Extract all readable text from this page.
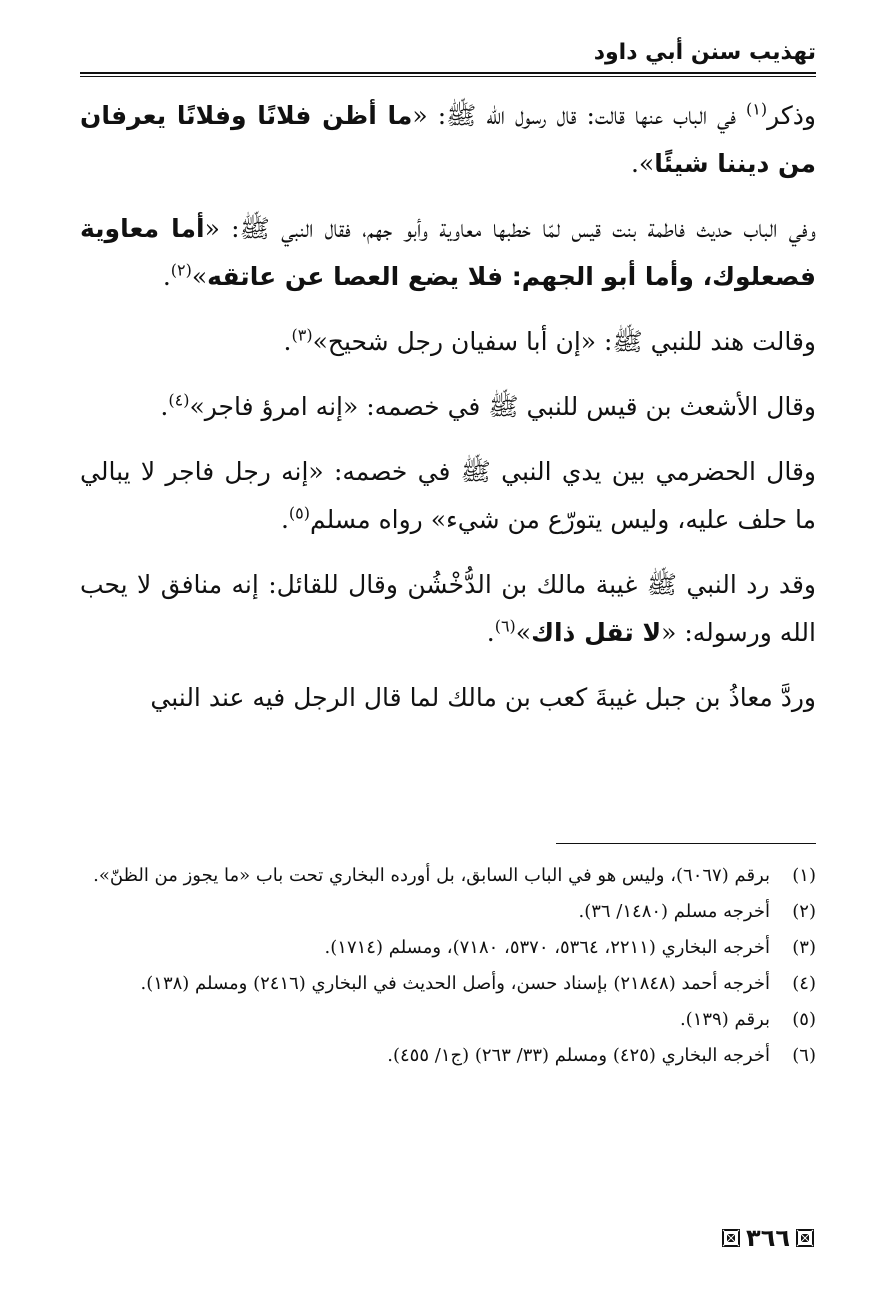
تهذيب سنن أبي داود

وذكر$^{(١)}$ في الباب عنها قالت: قال رسول الله ﷺ: «ما أظن فلانًا وفلانًا يعرفان من ديننا شيئًا».

وفي الباب حديث فاطمة بنت قيس لمّا خطبها معاوية وأبو جهم، فقال النبي ﷺ: «أما معاوية فصعلوك، وأما أبو الجهم: فلا يضع العصا عن عاتقه»$^{(٢)}$.

وقالت هند للنبي ﷺ: «إن أبا سفيان رجل شحيح»$^{(٣)}$.

وقال الأشعث بن قيس للنبي ﷺ في خصمه: «إنه امرؤ فاجر»$^{(٤)}$.

وقال الحضرمي بين يدي النبي ﷺ في خصمه: «إنه رجل فاجر لا يبالي ما حلف عليه، وليس يتورّع من شيء» رواه مسلم$^{(٥)}$.

وقد رد النبي ﷺ غيبة مالك بن الدُّخْشُن وقال للقائل: إنه منافق لا يحب الله ورسوله: «لا تقل ذاك»$^{(٦)}$.

وردَّ معاذُ بن جبل غيبةَ كعب بن مالك لما قال الرجل فيه عند النبي

(١)
برقم (٦٠٦٧)، وليس هو في الباب السابق، بل أورده البخاري تحت باب «ما يجوز من الظنّ».
(٢)
أخرجه مسلم (١٤٨٠/ ٣٦).
(٣)
أخرجه البخاري (٢٢١١، ٥٣٦٤، ٥٣٧٠، ٧١٨٠)، ومسلم (١٧١٤).
(٤)
أخرجه أحمد (٢١٨٤٨) بإسناد حسن، وأصل الحديث في البخاري (٢٤١٦) ومسلم (١٣٨).
(٥)
برقم (١٣٩).
(٦)
أخرجه البخاري (٤٢٥) ومسلم (٣٣/ ٢٦٣) (ج١/ ٤٥٥).
٣٦٦
